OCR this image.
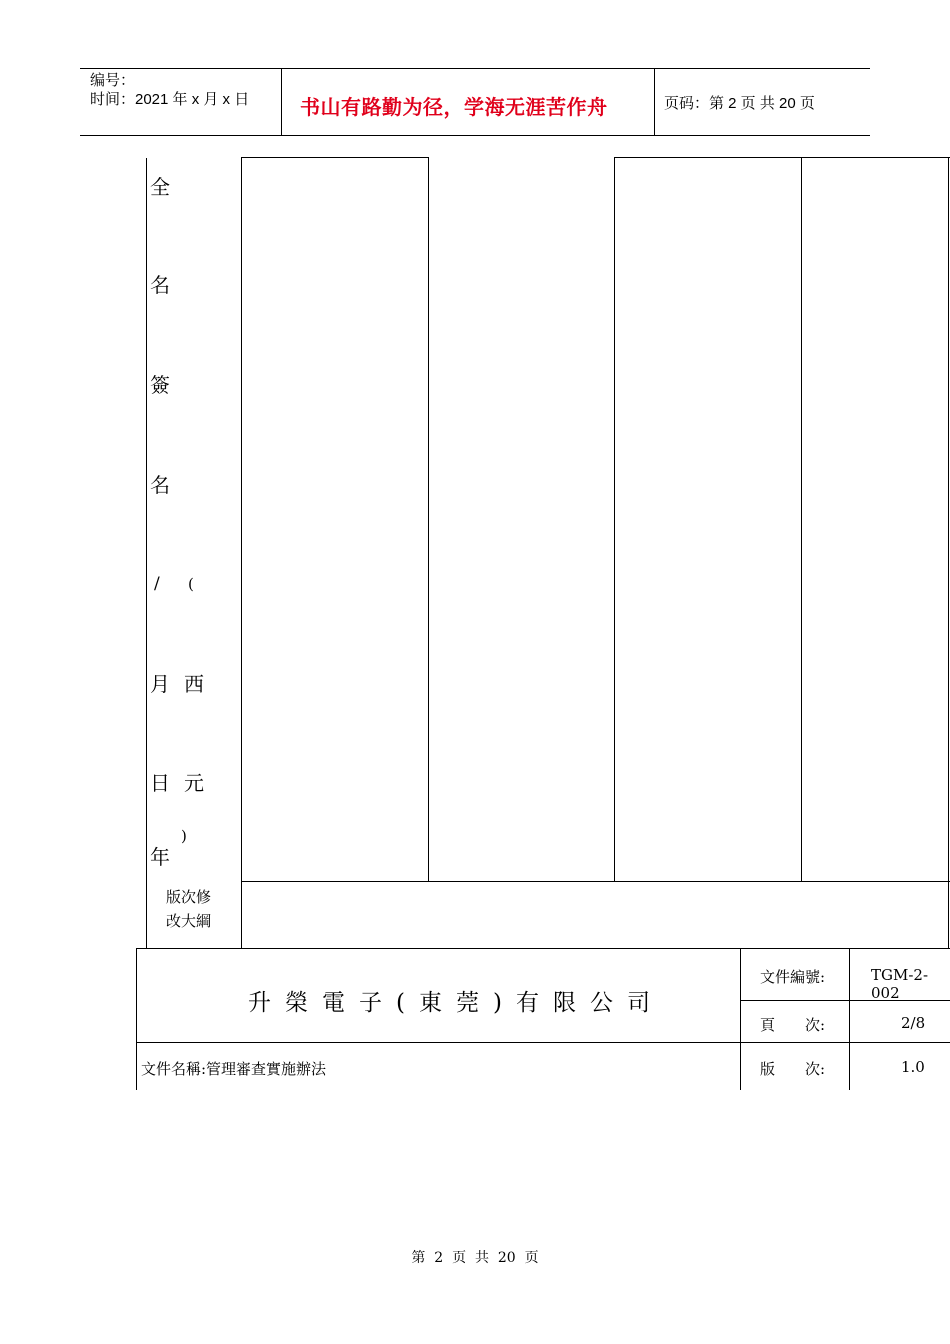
编号：
时间：2021 年 x 月 x 日	书山有路勤为径，学海无涯苦作舟	页码：第 2 页 共 20 页
全
名
簽
名
/
月
日
年
(
西
元
)
版次修
改大綱
升榮電子(東莞)有限公司
文件編號:	TGM-2-002
頁　　次:	2/8
文件名稱:管理審查實施辦法	版　　次:	1.0
第  2  页  共  20  页
